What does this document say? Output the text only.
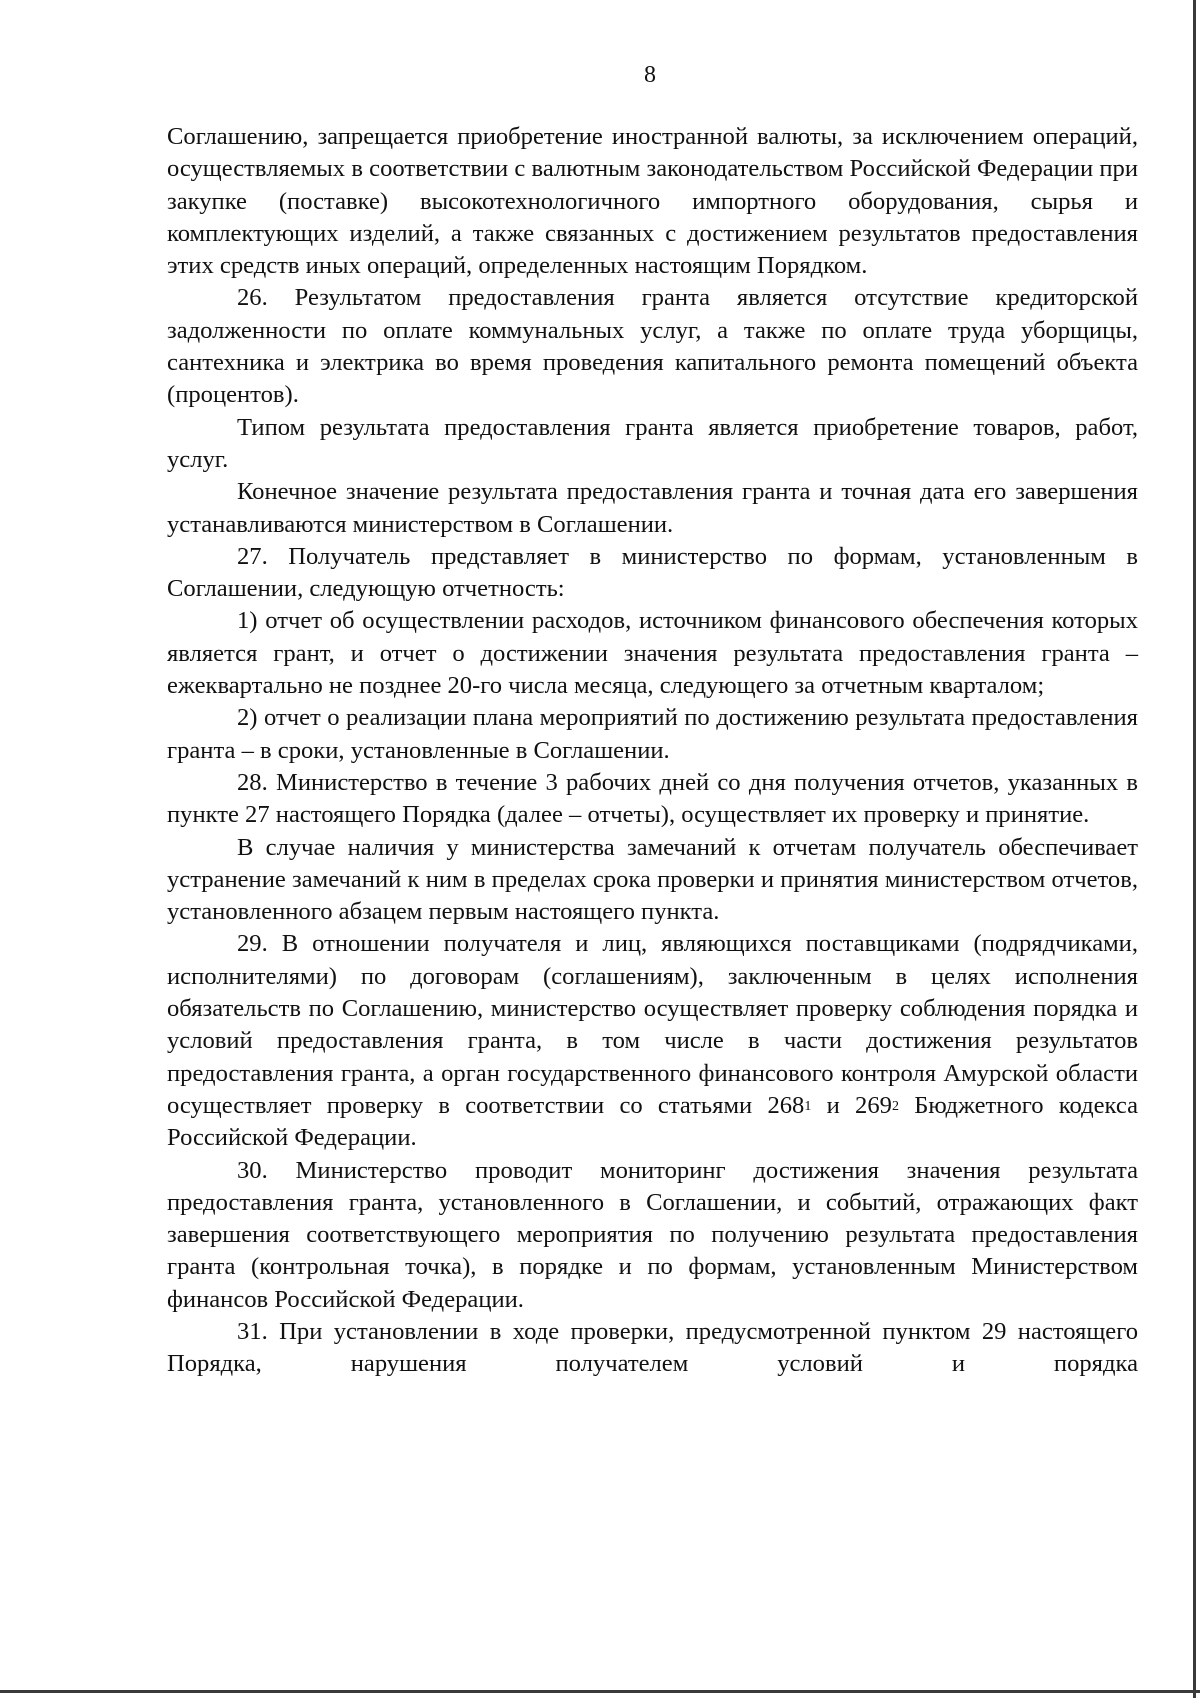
8

Соглашению, запрещается приобретение иностранной валюты, за исключением операций, осуществляемых в соответствии с валютным законодательством Российской Федерации при закупке (поставке) высокотехнологичного импортного оборудования, сырья и комплектующих изделий, а также связанных с достижением результатов предоставления этих средств иных операций, определенных настоящим Порядком.

26. Результатом предоставления гранта является отсутствие кредиторской задолженности по оплате коммунальных услуг, а также по оплате труда уборщицы, сантехника и электрика во время проведения капитального ремонта помещений объекта (процентов).

Типом результата предоставления гранта является приобретение товаров, работ, услуг.

Конечное значение результата предоставления гранта и точная дата его завершения устанавливаются министерством в Соглашении.

27. Получатель представляет в министерство по формам, установленным в Соглашении, следующую отчетность:

1) отчет об осуществлении расходов, источником финансового обеспечения которых является грант, и отчет о достижении значения результата предоставления гранта – ежеквартально не позднее 20-го числа месяца, следующего за отчетным кварталом;

2) отчет о реализации плана мероприятий по достижению результата предоставления гранта – в сроки, установленные в Соглашении.

28. Министерство в течение 3 рабочих дней со дня получения отчетов, указанных в пункте 27 настоящего Порядка (далее – отчеты), осуществляет их проверку и принятие.

В случае наличия у министерства замечаний к отчетам получатель обеспечивает устранение замечаний к ним в пределах срока проверки и принятия министерством отчетов, установленного абзацем первым настоящего пункта.

29. В отношении получателя и лиц, являющихся поставщиками (подрядчиками, исполнителями) по договорам (соглашениям), заключенным в целях исполнения обязательств по Соглашению, министерство осуществляет проверку соблюдения порядка и условий предоставления гранта, в том числе в части достижения результатов предоставления гранта, а орган государственного финансового контроля Амурской области осуществляет проверку в соответствии со статьями $268^1$ и $269^2$ Бюджетного кодекса Российской Федерации.

30. Министерство проводит мониторинг достижения значения результата предоставления гранта, установленного в Соглашении, и событий, отражающих факт завершения соответствующего мероприятия по получению результата предоставления гранта (контрольная точка), в порядке и по формам, установленным Министерством финансов Российской Федерации.

31. При установлении в ходе проверки, предусмотренной пунктом 29 настоящего Порядка, нарушения получателем условий и порядка
